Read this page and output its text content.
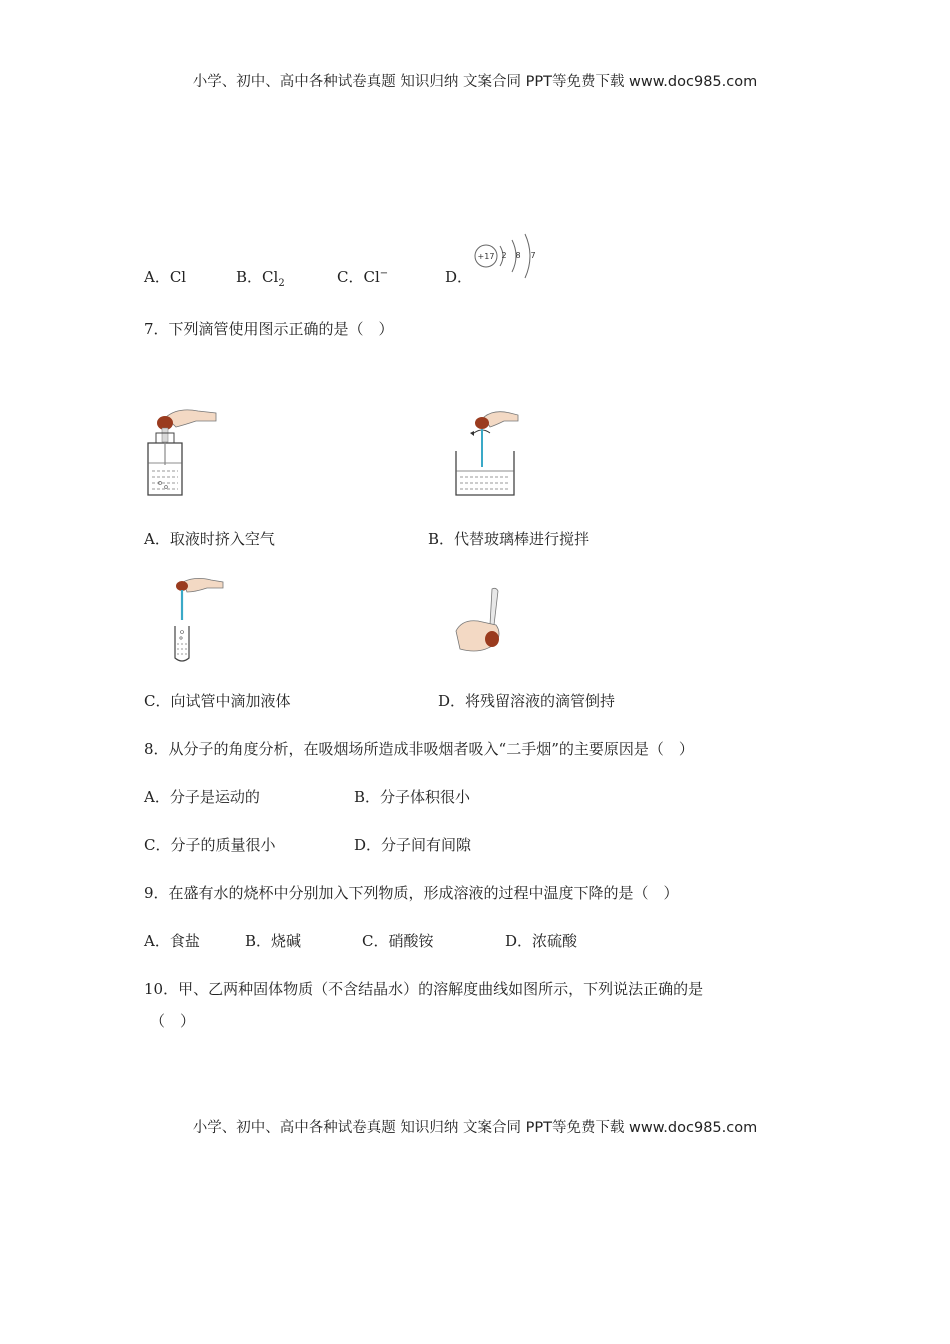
小学、初中、高中各种试卷真题 知识归纳 文案合同 PPT等免费下载 www.doc985.com
A．Cl	B．$Cl_2$	C．Cl−	D．
+17 2 8 7
7．下列滴管使用图示正确的是（　）
A．取液时挤入空气	B．代替玻璃棒进行搅拌
C．向试管中滴加液体	D．将残留溶液的滴管倒持
8．从分子的角度分析，在吸烟场所造成非吸烟者吸入“二手烟”的主要原因是（　）
A．分子是运动的	B．分子体积很小
C．分子的质量很小	D．分子间有间隙
9．在盛有水的烧杯中分别加入下列物质，形成溶液的过程中温度下降的是（　）
A．食盐	B．烧碱	C．硝酸铵	D．浓硫酸
10．甲、乙两种固体物质（不含结晶水）的溶解度曲线如图所示，下列说法正确的是
（　）
小学、初中、高中各种试卷真题 知识归纳 文案合同 PPT等免费下载 www.doc985.com
